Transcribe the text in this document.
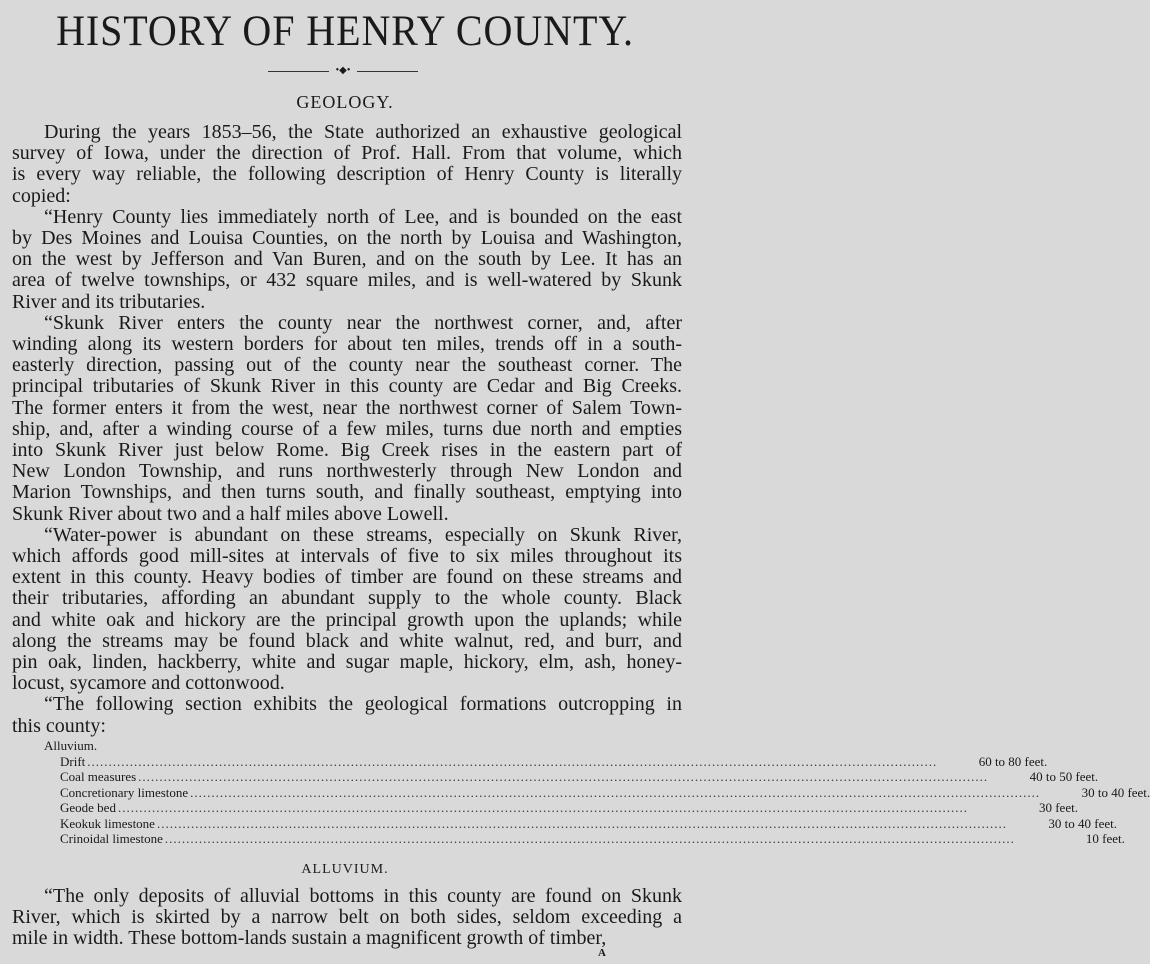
HISTORY OF HENRY COUNTY.
•◆•
GEOLOGY.

During the years 1853–56, the State authorized an exhaustive geological
survey of Iowa, under the direction of Prof. Hall. From that volume, which
is every way reliable, the following description of Henry County is literally
copied:

“Henry County lies immediately north of Lee, and is bounded on the east
by Des Moines and Louisa Counties, on the north by Louisa and Washington,
on the west by Jefferson and Van Buren, and on the south by Lee. It has an
area of twelve townships, or 432 square miles, and is well-watered by Skunk
River and its tributaries.

“Skunk River enters the county near the northwest corner, and, after
winding along its western borders for about ten miles, trends off in a south-
easterly direction, passing out of the county near the southeast corner. The
principal tributaries of Skunk River in this county are Cedar and Big Creeks.
The former enters it from the west, near the northwest corner of Salem Town-
ship, and, after a winding course of a few miles, turns due north and empties
into Skunk River just below Rome. Big Creek rises in the eastern part of
New London Township, and runs northwesterly through New London and
Marion Townships, and then turns south, and finally southeast, emptying into
Skunk River about two and a half miles above Lowell.

“Water-power is abundant on these streams, especially on Skunk River,
which affords good mill-sites at intervals of five to six miles throughout its
extent in this county. Heavy bodies of timber are found on these streams and
their tributaries, affording an abundant supply to the whole county. Black
and white oak and hickory are the principal growth upon the uplands; while
along the streams may be found black and white walnut, red, and burr, and
pin oak, linden, hackberry, white and sugar maple, hickory, elm, ash, honey-
locust, sycamore and cottonwood.

“The following section exhibits the geological formations outcropping in
this county:

Alluvium.
Drift ........................................................................................................................................................................................................	60 to 80 feet.
Coal measures ........................................................................................................................................................................................................	40 to 50 feet.
Concretionary limestone ........................................................................................................................................................................................................	30 to 40 feet.
Geode bed ........................................................................................................................................................................................................	30 feet.
Keokuk limestone ........................................................................................................................................................................................................	30 to 40 feet.
Crinoidal limestone ........................................................................................................................................................................................................	10 feet.
ALLUVIUM.

“The only deposits of alluvial bottoms in this county are found on Skunk
River, which is skirted by a narrow belt on both sides, seldom exceeding a
mile in width. These bottom-lands sustain a magnificent growth of timber,

A
